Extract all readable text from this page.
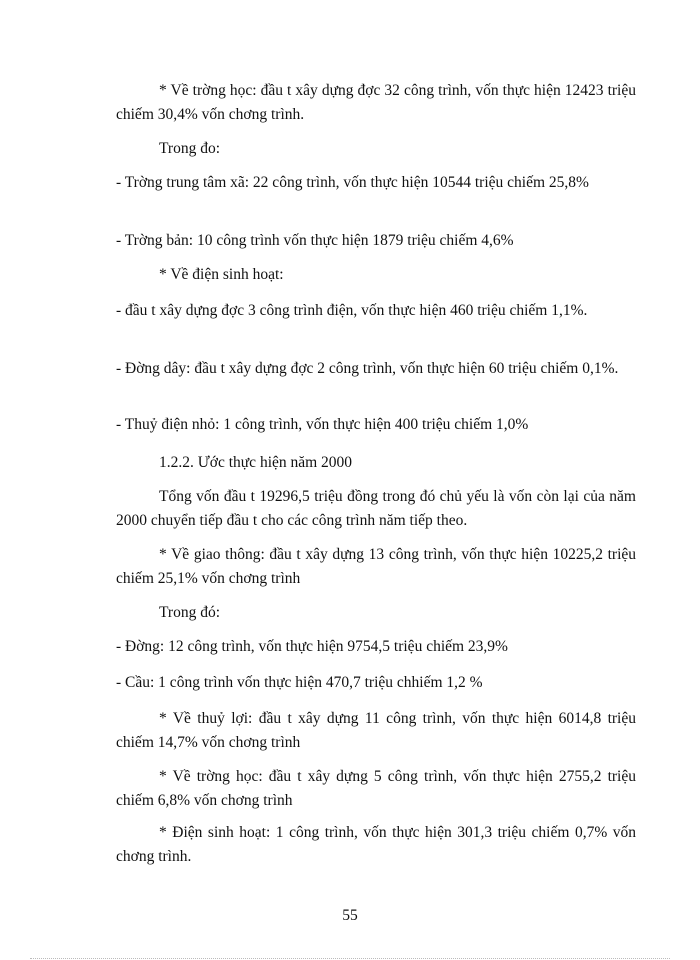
* Về trờng học: đầu t xây dựng đợc 32 công trình, vốn thực hiện 12423 triệu chiếm 30,4% vốn chơng trình.

Trong đo:

- Trờng trung tâm xã: 22 công trình, vốn thực hiện 10544 triệu chiếm 25,8%

- Trờng bản: 10 công trình vốn thực hiện 1879 triệu chiếm 4,6%

* Về điện sinh hoạt:

- đầu t xây dựng đợc 3 công trình điện, vốn thực hiện 460 triệu chiếm 1,1%.

- Đờng dây: đầu t xây dựng đợc 2 công trình, vốn thực hiện 60 triệu chiếm 0,1%.

- Thuỷ điện nhỏ: 1 công trình, vốn thực hiện 400 triệu chiếm 1,0%

1.2.2. Ước thực hiện năm 2000

Tổng vốn đầu t 19296,5 triệu đồng trong đó chủ yếu là vốn còn lại của năm 2000 chuyển tiếp đầu t cho các công trình năm tiếp theo.

* Về giao thông: đầu t xây dựng 13 công trình, vốn thực hiện 10225,2 triệu chiếm 25,1% vốn chơng trình

Trong đó:

- Đờng: 12 công trình, vốn thực hiện 9754,5 triệu chiếm 23,9%

- Cầu: 1 công trình vốn thực hiện 470,7 triệu chhiếm 1,2 %

* Về thuỷ lợi: đầu t xây dựng 11 công trình, vốn thực hiện 6014,8 triệu chiếm 14,7% vốn chơng trình

* Về trờng học: đầu t xây dựng 5 công trình, vốn thực hiện 2755,2 triệu chiếm 6,8% vốn chơng trình

* Điện sinh hoạt: 1 công trình, vốn thực hiện 301,3 triệu chiếm 0,7% vốn chơng trình.

55
